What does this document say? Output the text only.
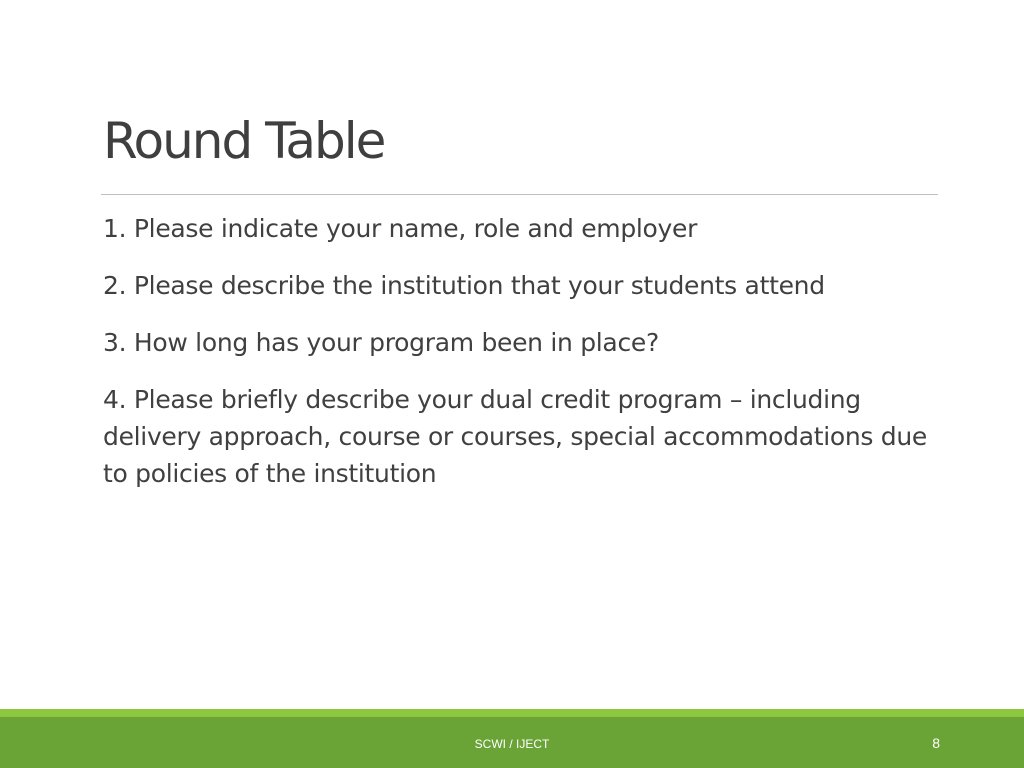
Round Table
1. Please indicate your name, role and employer
2. Please describe the institution that your students attend
3. How long has your program been in place?
4. Please briefly describe your dual credit program – including delivery approach, course or courses, special accommodations due to policies of the institution
SCWI / IJECT	8
